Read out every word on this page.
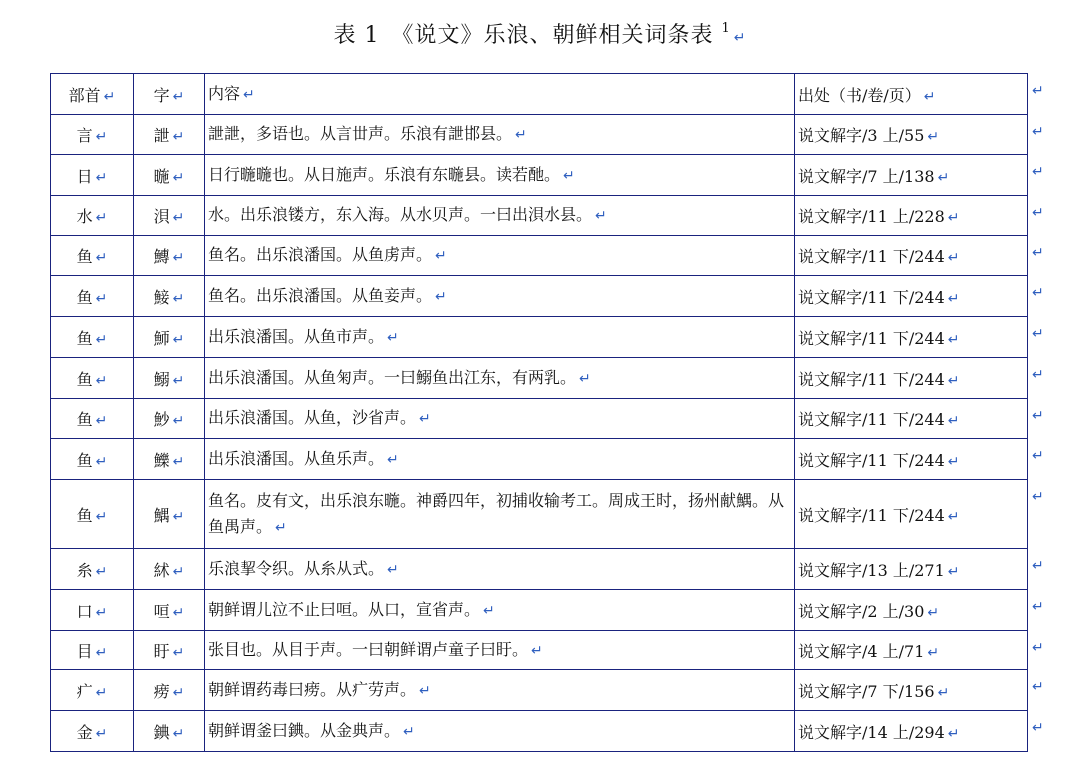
表 1　《说文》乐浪、朝鲜相关词条表 $^1$↵
部首 ↵	字 ↵	内容 ↵	出处（书/卷/页） ↵
言 ↵	詍 ↵	詍詍，多语也。从言丗声。乐浪有詍邯县。 ↵	说文解字/3 上/55 ↵
日 ↵	暆 ↵	日行暆暆也。从日施声。乐浪有东暆县。读若酏。 ↵	说文解字/7 上/138 ↵
水 ↵	浿 ↵	水。出乐浪镂方，东入海。从水贝声。一曰出浿水县。 ↵	说文解字/11 上/228 ↵
鱼 ↵	鱄 ↵	鱼名。出乐浪潘国。从鱼虏声。 ↵	说文解字/11 下/244 ↵
鱼 ↵	鯜 ↵	鱼名。出乐浪潘国。从鱼妾声。 ↵	说文解字/11 下/244 ↵
鱼 ↵	魳 ↵	出乐浪潘国。从鱼市声。 ↵	说文解字/11 下/244 ↵
鱼 ↵	鰯 ↵	出乐浪潘国。从鱼匊声。一曰鰯鱼出江东，有两乳。 ↵	说文解字/11 下/244 ↵
鱼 ↵	魦 ↵	出乐浪潘国。从鱼，沙省声。 ↵	说文解字/11 下/244 ↵
鱼 ↵	鱳 ↵	出乐浪潘国。从鱼乐声。 ↵	说文解字/11 下/244 ↵
鱼 ↵	鰅 ↵	鱼名。皮有文，出乐浪东暆。神爵四年，初捕收输考工。周成王时，扬州献鰅。从鱼禺声。 ↵	说文解字/11 下/244 ↵
糸 ↵	絉 ↵	乐浪挈令织。从糸从式。 ↵	说文解字/13 上/271 ↵
口 ↵	咺 ↵	朝鲜谓儿泣不止曰咺。从口，宣省声。 ↵	说文解字/2 上/30 ↵
目 ↵	盱 ↵	张目也。从目于声。一曰朝鲜谓卢童子曰盱。 ↵	说文解字/4 上/71 ↵
疒 ↵	痨 ↵	朝鲜谓药毒曰痨。从疒劳声。 ↵	说文解字/7 下/156 ↵
金 ↵	錪 ↵	朝鲜谓釜曰錪。从金典声。 ↵	说文解字/14 上/294 ↵
↵
↵
↵
↵
↵
↵
↵
↵
↵
↵
↵
↵
↵
↵
↵
↵
